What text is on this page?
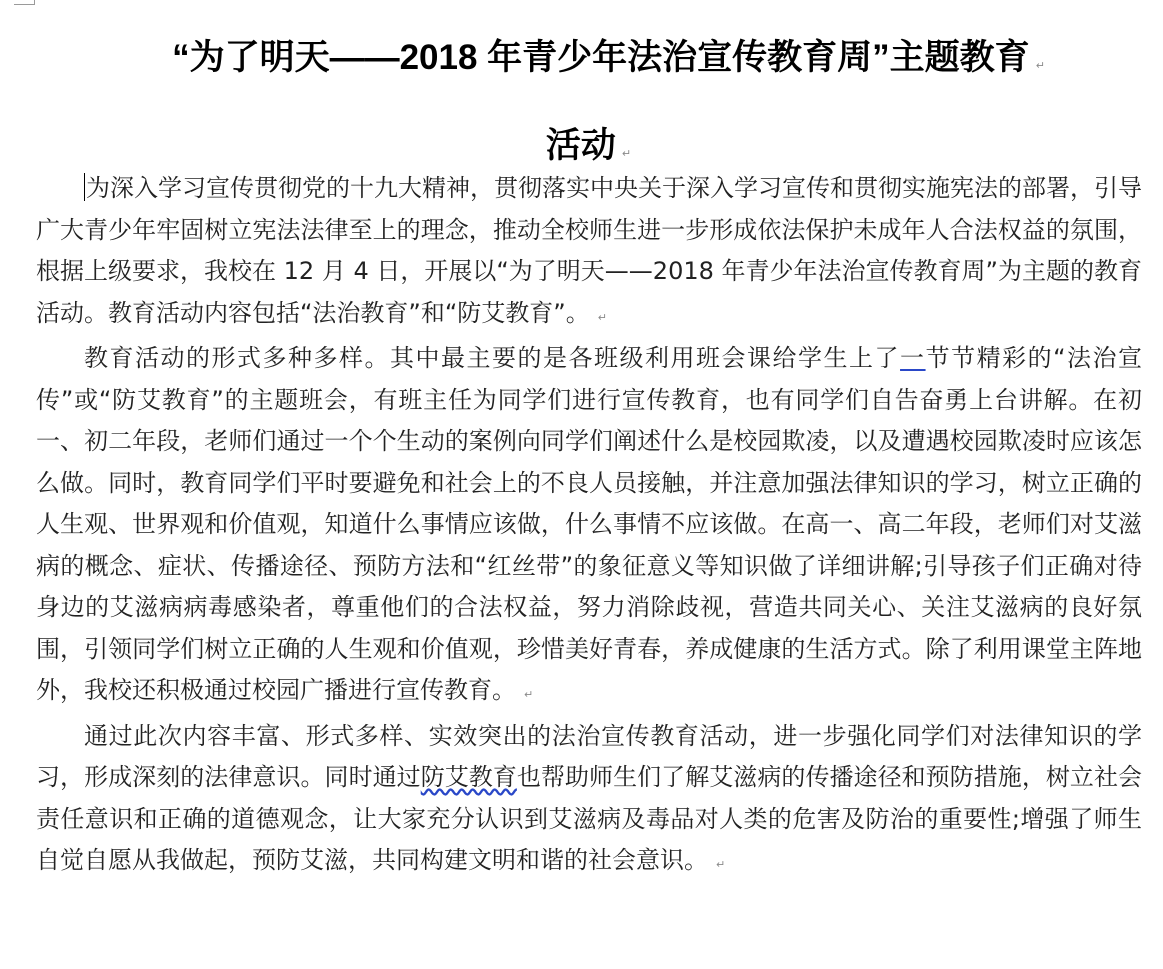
“为了明天——2018 年青少年法治宣传教育周”主题教育 ↵
活动 ↵

为深入学习宣传贯彻党的十九大精神，贯彻落实中央关于深入学习宣传和贯彻实施宪法的部署，引导广大青少年牢固树立宪法法律至上的理念，推动全校师生进一步形成依法保护未成年人合法权益的氛围，根据上级要求，我校在 12 月 4 日，开展以“为了明天——2018 年青少年法治宣传教育周”为主题的教育活动。教育活动内容包括“法治教育”和“防艾教育”。 ↵

教育活动的形式多种多样。其中最主要的是各班级利用班会课给学生上了一节节精彩的“法治宣传”或“防艾教育”的主题班会，有班主任为同学们进行宣传教育，也有同学们自告奋勇上台讲解。在初一、初二年段，老师们通过一个个生动的案例向同学们阐述什么是校园欺凌，以及遭遇校园欺凌时应该怎么做。同时，教育同学们平时要避免和社会上的不良人员接触，并注意加强法律知识的学习，树立正确的人生观、世界观和价值观，知道什么事情应该做，什么事情不应该做。在高一、高二年段，老师们对艾滋病的概念、症状、传播途径、预防方法和“红丝带”的象征意义等知识做了详细讲解;引导孩子们正确对待身边的艾滋病病毒感染者，尊重他们的合法权益，努力消除歧视，营造共同关心、关注艾滋病的良好氛围，引领同学们树立正确的人生观和价值观，珍惜美好青春，养成健康的生活方式。除了利用课堂主阵地外，我校还积极通过校园广播进行宣传教育。 ↵

通过此次内容丰富、形式多样、实效突出的法治宣传教育活动，进一步强化同学们对法律知识的学习，形成深刻的法律意识。同时通过防艾教育也帮助师生们了解艾滋病的传播途径和预防措施，树立社会责任意识和正确的道德观念，让大家充分认识到艾滋病及毒品对人类的危害及防治的重要性;增强了师生自觉自愿从我做起，预防艾滋，共同构建文明和谐的社会意识。 ↵
